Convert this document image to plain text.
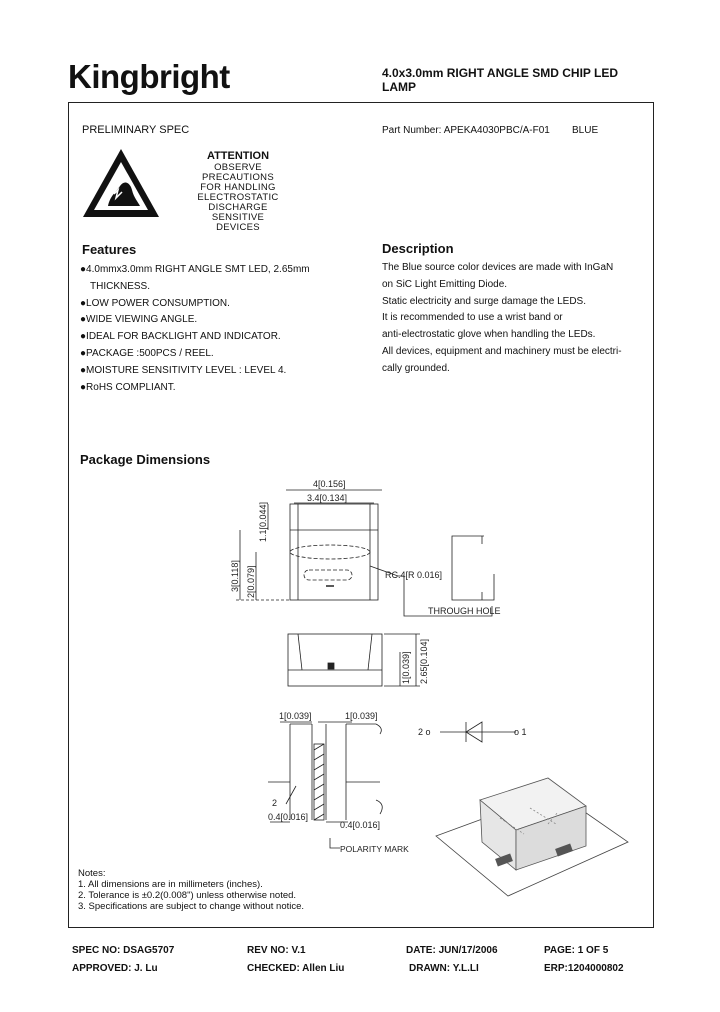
Kingbright	4.0x3.0mm RIGHT ANGLE SMD CHIP LED
LAMP
PRELIMINARY SPEC	Part Number: APEKA4030PBC/A-F01 BLUE
ATTENTION
OBSERVE PRECAUTIONS
FOR HANDLING
ELECTROSTATIC
DISCHARGE
SENSITIVE
DEVICES
Features
●4.0mmx3.0mm RIGHT ANGLE SMT LED, 2.65mm
THICKNESS.
●LOW POWER CONSUMPTION.
●WIDE VIEWING ANGLE.
●IDEAL FOR BACKLIGHT AND INDICATOR.
●PACKAGE :500PCS / REEL.
●MOISTURE SENSITIVITY LEVEL : LEVEL 4.
●RoHS COMPLIANT.
Description
The Blue source color devices are made with InGaN
on SiC Light Emitting Diode.
Static electricity and surge damage the LEDS.
It is recommended to use a wrist band or
anti-electrostatic glove when handling the LEDs.
All devices, equipment and machinery must be electri-
cally grounded.
Package Dimensions
4[0.156]
3.4[0.134]
1.1[0.044]
3[0.118] 2[0.079]	RC.4[R 0.016]
THROUGH HOLE
2.65[0.104]
1[0.039]
1[0.039]	1[0.039]
2
0.4[0.016]
0.4[0.016]
POLARITY MARK
2 o	o 1
Notes:
1. All dimensions are in millimeters (inches).
2. Tolerance is ±0.2(0.008") unless otherwise noted.
3. Specifications are subject to change without notice.
SPEC NO: DSAG5707	REV NO: V.1	DATE: JUN/17/2006	PAGE: 1 OF 5
APPROVED: J. Lu	CHECKED: Allen Liu	DRAWN: Y.L.LI	ERP:1204000802
